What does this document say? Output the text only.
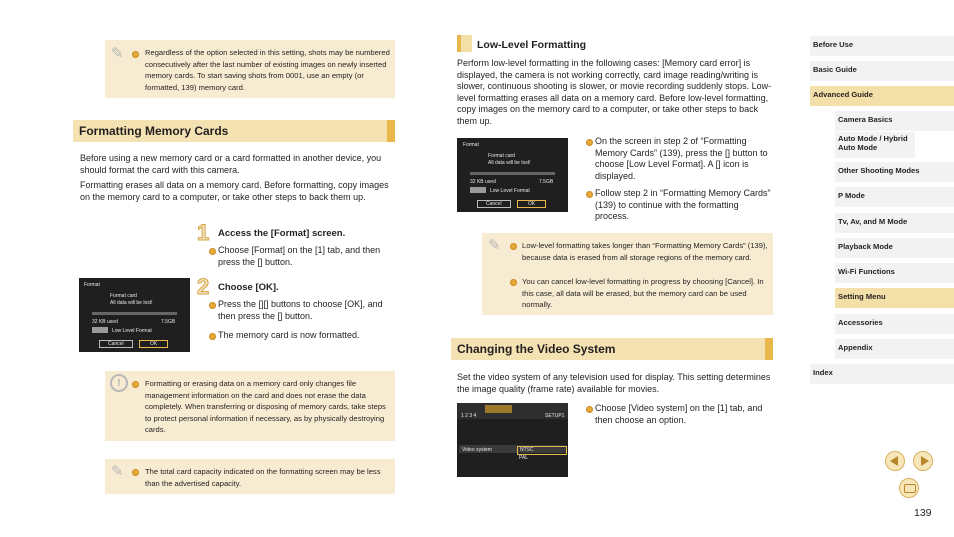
✎	Regardless of the option selected in this setting, shots may be numbered consecutively after the last number of existing images on newly inserted memory cards. To start saving shots from 0001, use an empty (or formatted, 139) memory card.
Formatting Memory Cards
Before using a new memory card or a card formatted in another device, you should format the card with this camera.
Formatting erases all data on a memory card. Before formatting, copy images on the memory card to a computer, or take other steps to back them up.
1 Access the [Format] screen.
Choose [Format] on the [1] tab, and then press the [] button.
2 Choose [OK].
Press the [][] buttons to choose [OK], and then press the [] button.
The memory card is now formatted.
Format
Format card
All data will be lost!
32 KB used	7.5GB
Low Level Format
Cancel	OK
!	Formatting or erasing data on a memory card only changes file management information on the card and does not erase the data completely. When transferring or disposing of memory cards, take steps to protect personal information if necessary, as by physically destroying cards.
✎	The total card capacity indicated on the formatting screen may be less than the advertised capacity.
Low-Level Formatting
Perform low-level formatting in the following cases: [Memory card error] is displayed, the camera is not working correctly, card image reading/writing is slower, continuous shooting is slower, or movie recording suddenly stops. Low-level formatting erases all data on a memory card. Before low-level formatting, copy images on the memory card to a computer, or take other steps to back them up.
Format
Format card
All data will be lost!
32 KB used	7.5GB
Low Level Format
Cancel	OK
On the screen in step 2 of “Formatting Memory Cards” (139), press the [] button to choose [Low Level Format]. A [] icon is displayed.
Follow step 2 in “Formatting Memory Cards” (139) to continue with the formatting process.
✎	Low-level formatting takes longer than “Formatting Memory Cards” (139), because data is erased from all storage regions of the memory card.
You can cancel low-level formatting in progress by choosing [Cancel]. In this case, all data will be erased, but the memory card can be used normally.
Changing the Video System
Set the video system of any television used for display. This setting determines the image quality (frame rate) available for movies.
1 2 3 4	SETUP1
Video system	NTSC
PAL
Choose [Video system] on the [1] tab, and then choose an option.
Before Use
Basic Guide
Advanced Guide
Camera Basics
Auto Mode / Hybrid Auto Mode
Other Shooting Modes
P Mode
Tv, Av, and M Mode
Playback Mode
Wi-Fi Functions
Setting Menu
Accessories
Appendix
Index
139
